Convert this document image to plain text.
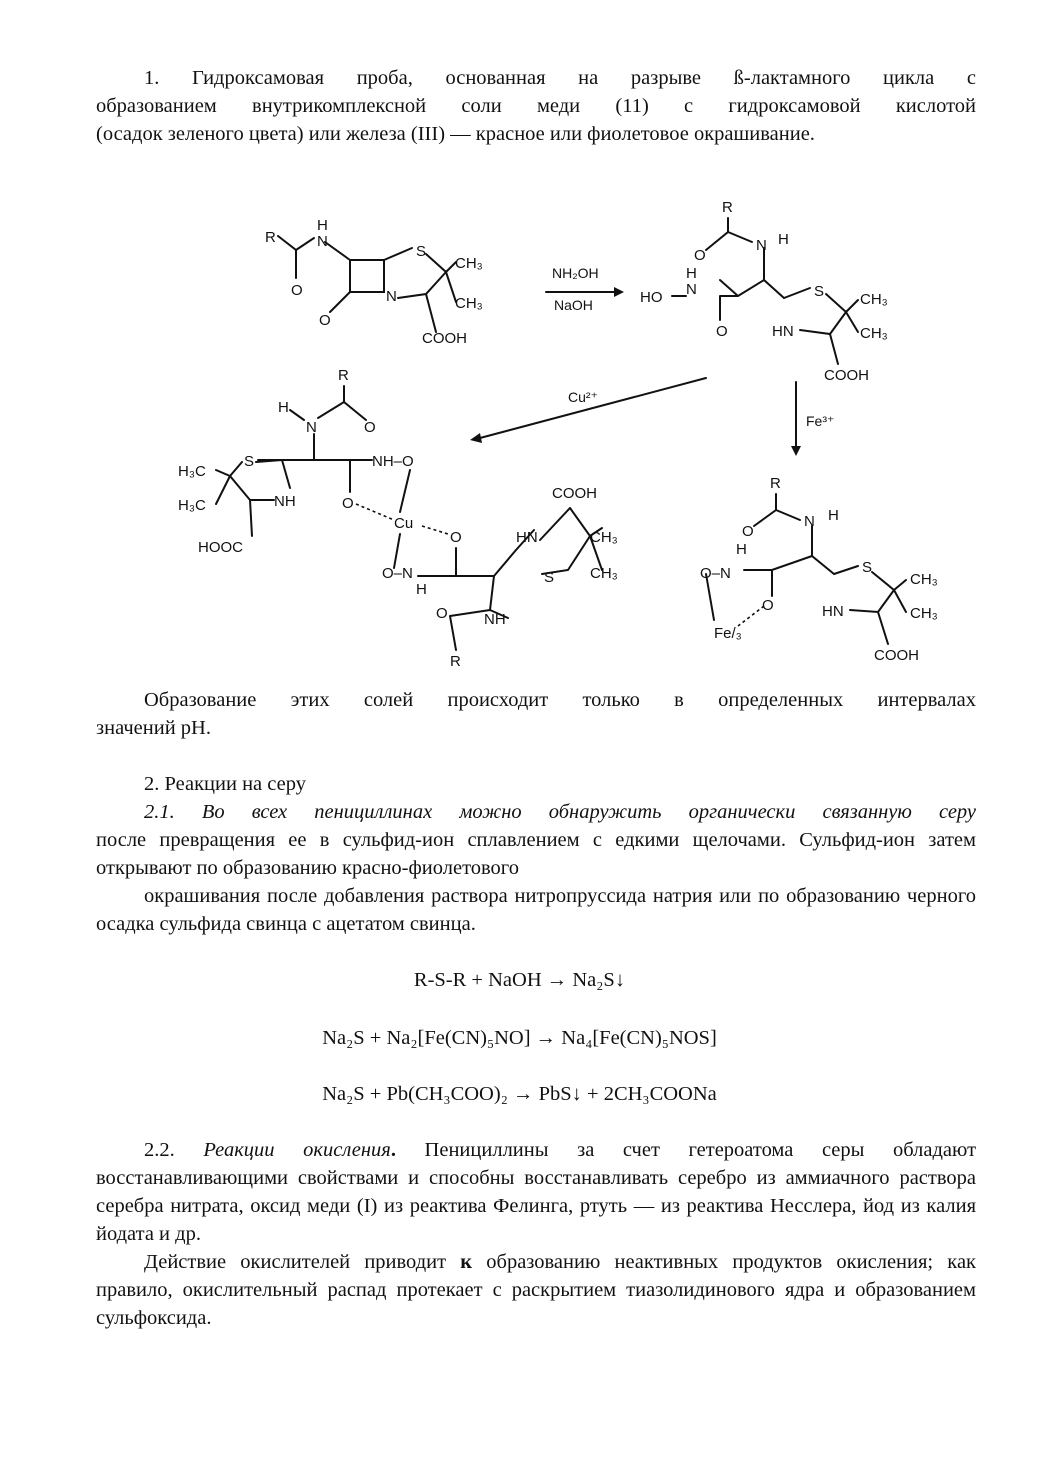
1. Гидроксамовая проба, основанная на разрыве ß-лактамного цикла с

образованием внутрикомплексной соли меди (11) с гидроксамовой кислотой

(осадок зеленого цвета) или железа (III) — красное или фиолетовое окрашивание.

R
H
N
O
S
CH₃
CH₃
N
O
COOH
NH₂OH
NaOH
R
O
N H
H
N
HO
O
S CH₃
CH₃
HN
COOH
Cu²⁺
Fe³⁺
R
H
N	O
H₃C
H₃C
S
NH
HOOC
NH–O
O
Cu
O
O–N
H
COOH
HN	CH₃
CH₃
S
O NH
R
R
O
N H
H
O–N
O
Fe/₃
S
CH₃
CH₃
HN
COOH

Образование этих солей происходит только в определенных интервалах

значений pH.

2. Реакции на серу

2.1. Во всех пенициллинах можно обнаружить органически связанную серу

после превращения ее в сульфид-ион сплавлением с едкими щелочами. Сульфид-ион затем открывают по образованию красно-фиолетового

окрашивания после добавления раствора нитропруссида натрия или по образованию черного осадка сульфида свинца с ацетатом свинца.

R-S-R + NaOH → Na₂S↓

Na₂S + Na₂[Fe(CN)₅NO] → Na₄[Fe(CN)₅NOS]

Na₂S + Pb(CH₃COO)₂ → PbS↓ + 2CH₃COONa

2.2. Реакции окисления. Пенициллины за счет гетероатома серы обладают восстанавливающими свойствами и способны восстанавливать серебро из аммиачного раствора серебра нитрата, оксид меди (I) из реактива Фелинга, ртуть — из реактива Несслера, йод из калия йодата и др.

Действие окислителей приводит к образованию неактивных продуктов окисления; как правило, окислительный распад протекает с раскрытием тиазолидинового ядра и образованием сульфоксида.
